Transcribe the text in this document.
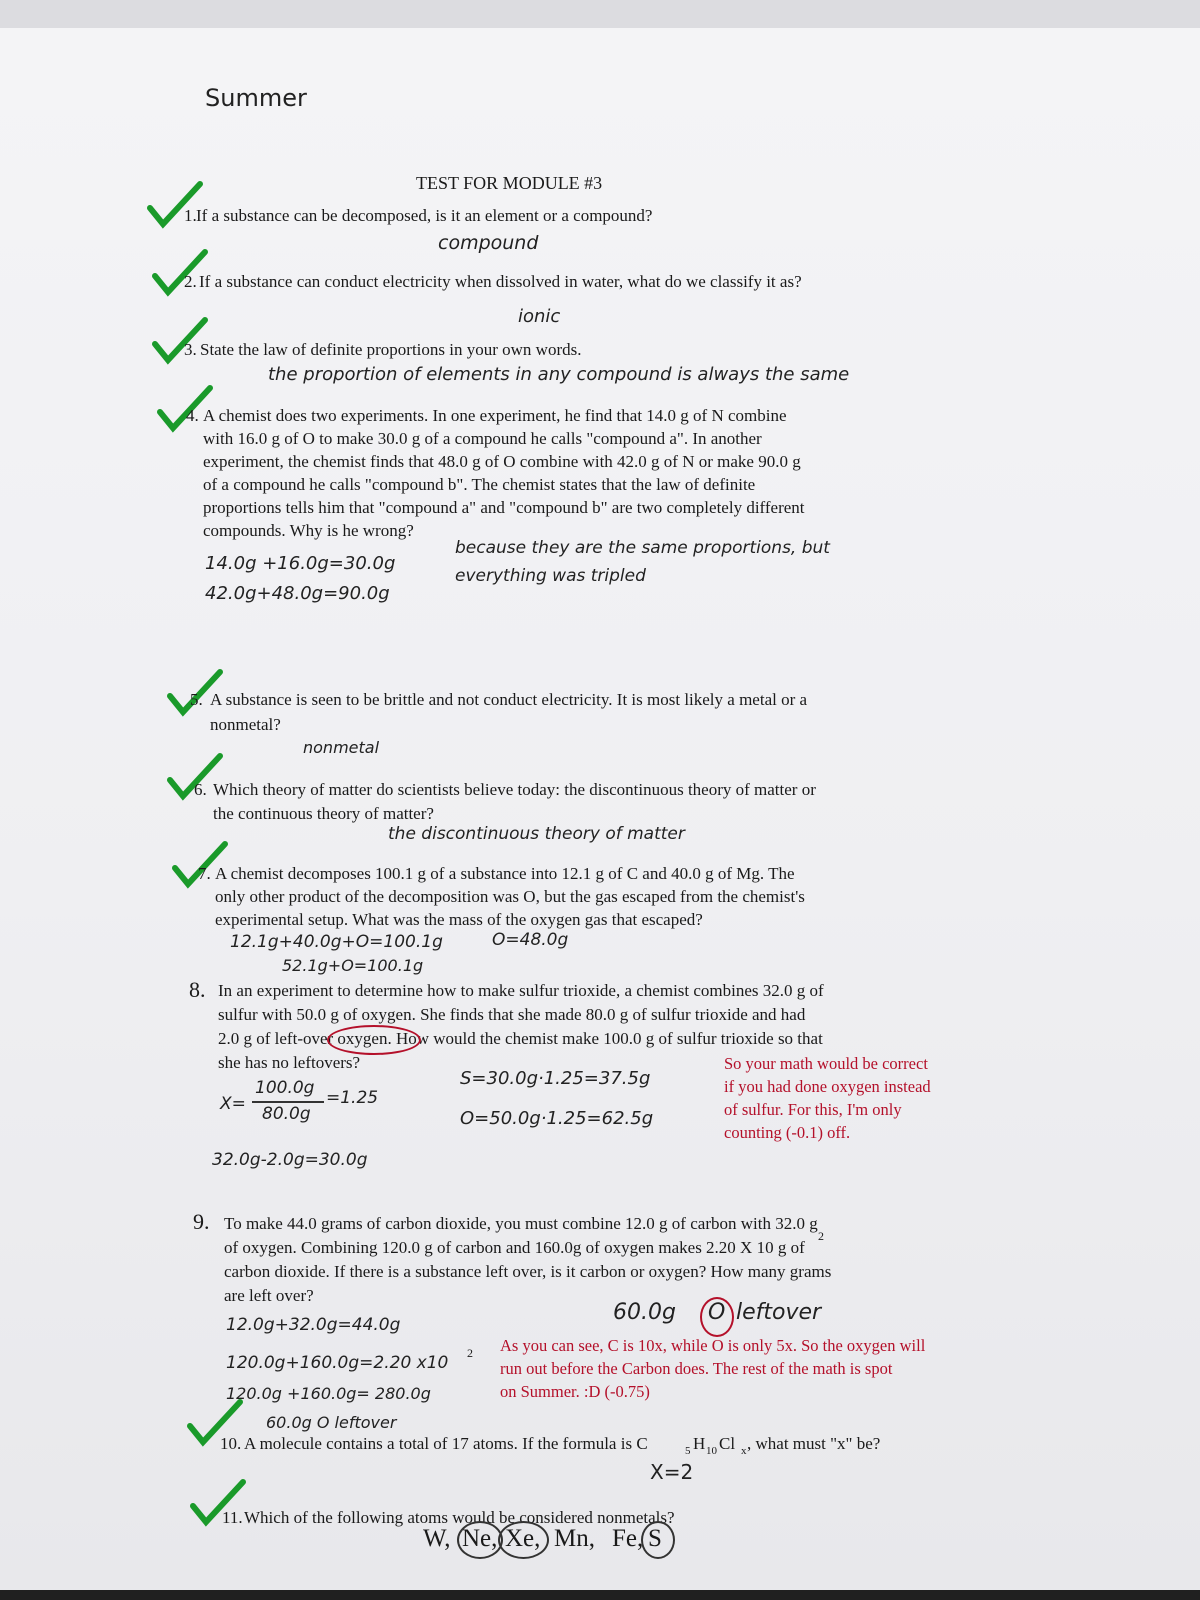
Summer
TEST FOR MODULE #3
1. If a substance can be decomposed, is it an element or a compound?
compound
2. If a substance can conduct electricity when dissolved in water, what do we classify it as?
ionic
3. State the law of definite proportions in your own words.
the proportion of elements in any compound is always the same
4. A chemist does two experiments. In one experiment, he find that 14.0 g of N combine
with 16.0 g of O to make 30.0 g of a compound he calls "compound a". In another
experiment, the chemist finds that 48.0 g of O combine with 42.0 g of N or make 90.0 g
of a compound he calls "compound b". The chemist states that the law of definite
proportions tells him that "compound a" and "compound b" are two completely different
compounds. Why is he wrong?
14.0g +16.0g=30.0g
42.0g+48.0g=90.0g
because they are the same proportions, but
everything was tripled
5. A substance is seen to be brittle and not conduct electricity. It is most likely a metal or a
nonmetal?
nonmetal
6. Which theory of matter do scientists believe today: the discontinuous theory of matter or
the continuous theory of matter?
the discontinuous theory of matter
7. A chemist decomposes 100.1 g of a substance into 12.1 g of C and 40.0 g of Mg. The
only other product of the decomposition was O, but the gas escaped from the chemist's
experimental setup. What was the mass of the oxygen gas that escaped?
12.1g+40.0g+O=100.1g	O=48.0g
52.1g+O=100.1g
8. In an experiment to determine how to make sulfur trioxide, a chemist combines 32.0 g of
sulfur with 50.0 g of oxygen. She finds that she made 80.0 g of sulfur trioxide and had
2.0 g of left-over oxygen. How would the chemist make 100.0 g of sulfur trioxide so that
she has no leftovers?
X=
100.0g
80.0g
=1.25
S=30.0g·1.25=37.5g
O=50.0g·1.25=62.5g
32.0g-2.0g=30.0g
So your math would be correct
if you had done oxygen instead
of sulfur. For this, I'm only
counting (-0.1) off.
9. To make 44.0 grams of carbon dioxide, you must combine 12.0 g of carbon with 32.0 g
of oxygen. Combining 120.0 g of carbon and 160.0g of oxygen makes 2.20 X 10 g of
2
carbon dioxide. If there is a substance left over, is it carbon or oxygen? How many grams
are left over?
12.0g+32.0g=44.0g
120.0g+160.0g=2.20 x10 2
120.0g +160.0g= 280.0g
60.0g O leftover
60.0g O leftover
As you can see, C is 10x, while O is only 5x. So the oxygen will
run out before the Carbon does. The rest of the math is spot
on Summer. :D (-0.75)
10. A molecule contains a total of 17 atoms. If the formula is C	5 H 10 Cl x , what must "x" be?
X=2
11. Which of the following atoms would be considered nonmetals?
W, Ne, Xe, Mn, Fe, S
